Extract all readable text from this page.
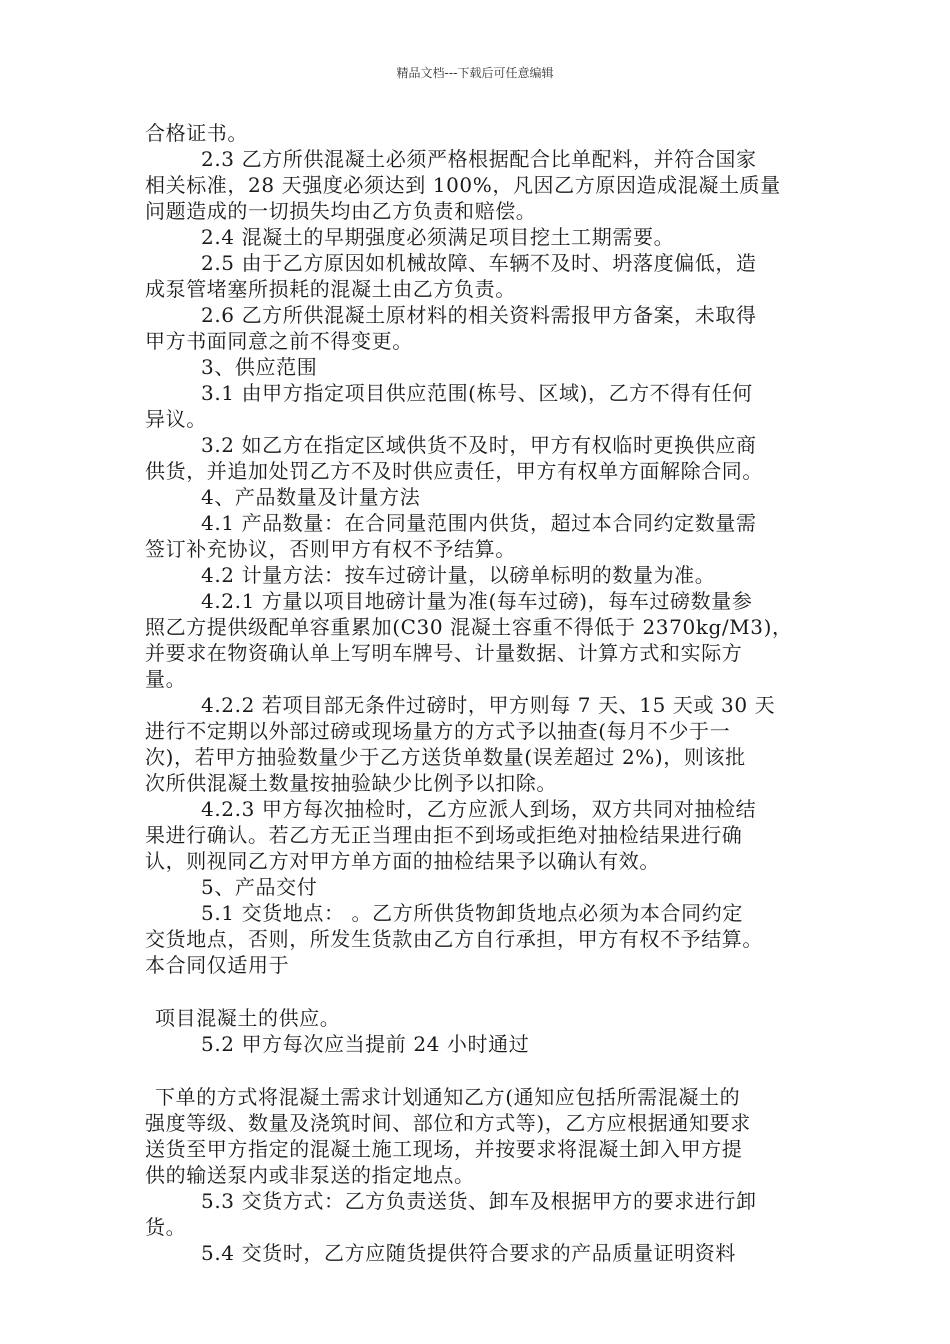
精品文档---下载后可任意编辑
合格证书。
2.3 乙方所供混凝土必须严格根据配合比单配料，并符合国家
相关标准，28 天强度必须达到 100%，凡因乙方原因造成混凝土质量
问题造成的一切损失均由乙方负责和赔偿。
2.4 混凝土的早期强度必须满足项目挖土工期需要。
2.5 由于乙方原因如机械故障、车辆不及时、坍落度偏低，造
成泵管堵塞所损耗的混凝土由乙方负责。
2.6 乙方所供混凝土原材料的相关资料需报甲方备案，未取得
甲方书面同意之前不得变更。
3、供应范围
3.1 由甲方指定项目供应范围(栋号、区域)，乙方不得有任何
异议。
3.2 如乙方在指定区域供货不及时，甲方有权临时更换供应商
供货，并追加处罚乙方不及时供应责任，甲方有权单方面解除合同。
4、产品数量及计量方法
4.1 产品数量：在合同量范围内供货，超过本合同约定数量需
签订补充协议，否则甲方有权不予结算。
4.2 计量方法：按车过磅计量，以磅单标明的数量为准。
4.2.1 方量以项目地磅计量为准(每车过磅)，每车过磅数量参
照乙方提供级配单容重累加(C30 混凝土容重不得低于 2370kg/M3)，
并要求在物资确认单上写明车牌号、计量数据、计算方式和实际方
量。
4.2.2 若项目部无条件过磅时，甲方则每 7 天、15 天或 30 天
进行不定期以外部过磅或现场量方的方式予以抽查(每月不少于一
次)，若甲方抽验数量少于乙方送货单数量(误差超过 2%)，则该批
次所供混凝土数量按抽验缺少比例予以扣除。
4.2.3 甲方每次抽检时，乙方应派人到场，双方共同对抽检结
果进行确认。若乙方无正当理由拒不到场或拒绝对抽检结果进行确
认，则视同乙方对甲方单方面的抽检结果予以确认有效。
5、产品交付
5.1 交货地点： 。乙方所供货物卸货地点必须为本合同约定
交货地点，否则，所发生货款由乙方自行承担，甲方有权不予结算。
本合同仅适用于
项目混凝土的供应。
5.2 甲方每次应当提前 24 小时通过
下单的方式将混凝土需求计划通知乙方(通知应包括所需混凝土的
强度等级、数量及浇筑时间、部位和方式等)，乙方应根据通知要求
送货至甲方指定的混凝土施工现场，并按要求将混凝土卸入甲方提
供的输送泵内或非泵送的指定地点。
5.3 交货方式：乙方负责送货、卸车及根据甲方的要求进行卸
货。
5.4 交货时，乙方应随货提供符合要求的产品质量证明资料
